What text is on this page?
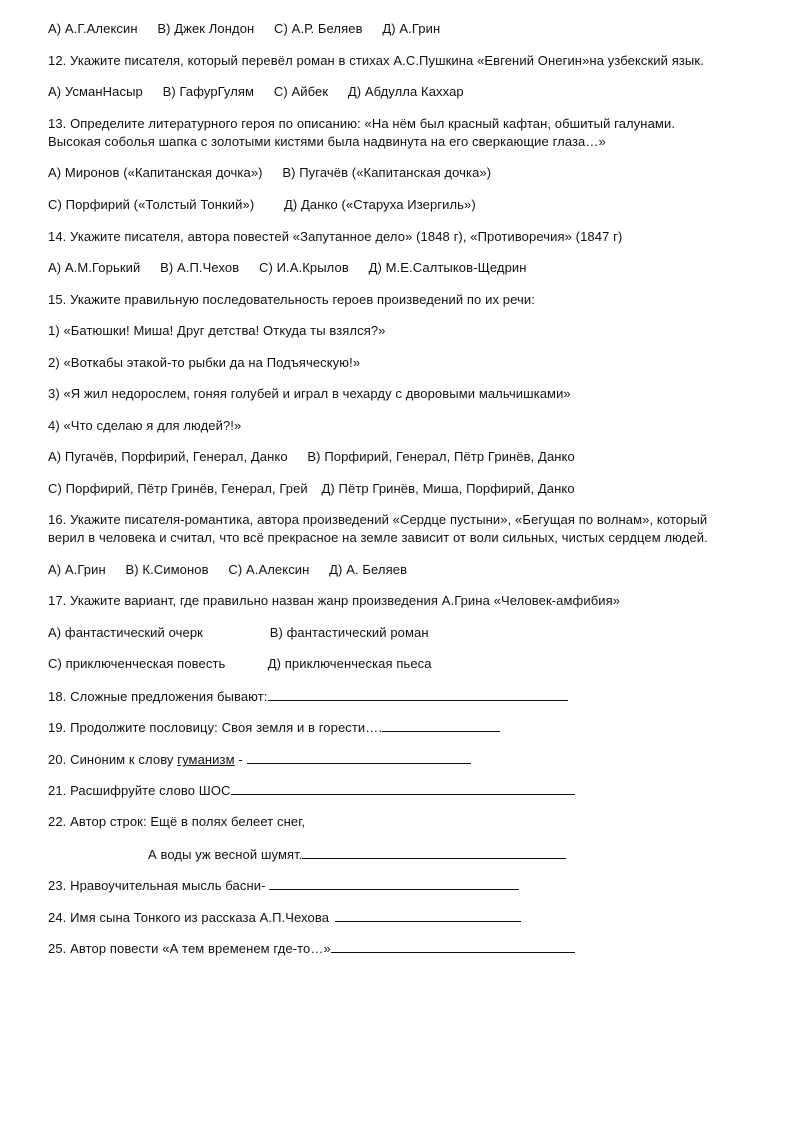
А) А.Г.Алексин В) Джек Лондон С) А.Р. Беляев Д) А.Грин
12. Укажите писателя, который перевёл роман в стихах А.С.Пушкина «Евгений Онегин»на узбекский язык.
А) УсманНасыр В) ГафурГулям С) Айбек Д) Абдулла Каххар
13. Определите литературного героя по описанию: «На нём был красный кафтан, обшитый галунами.
Высокая соболья шапка с золотыми кистями была надвинута на его сверкающие глаза…»
А) Миронов («Капитанская дочка») В) Пугачёв («Капитанская дочка»)
С) Порфирий («Толстый Тонкий») Д) Данко («Старуха Изергиль»)
14. Укажите писателя, автора повестей «Запутанное дело» (1848 г), «Противоречия» (1847 г)
А) А.М.Горький В) А.П.Чехов С) И.А.Крылов Д) М.Е.Салтыков-Щедрин
15. Укажите правильную последовательность героев произведений по их речи:
1) «Батюшки! Миша! Друг детства! Откуда ты взялся?»
2) «Воткабы этакой-то рыбки да на Подъяческую!»
3) «Я жил недорослем, гоняя голубей и играл в чехарду с дворовыми мальчишками»
4) «Что сделаю я для людей?!»
А) Пугачёв, Порфирий, Генерал, Данко В) Порфирий, Генерал, Пётр Гринёв, Данко
С) Порфирий, Пётр Гринёв, Генерал, Грей Д) Пётр Гринёв, Миша, Порфирий, Данко
16. Укажите писателя-романтика, автора произведений «Сердце пустыни», «Бегущая по волнам», который
верил в человека и считал, что всё прекрасное на земле зависит от воли сильных, чистых сердцем людей.
А) А.Грин В) К.Симонов С) А.Алексин Д) А. Беляев
17. Укажите вариант, где правильно назван жанр произведения А.Грина «Человек-амфибия»
А) фантастический очерк	В) фантастический роман
С) приключенческая повесть	Д) приключенческая пьеса
18. Сложные предложения бывают:
19. Продолжите пословицу: Своя земля и в горести….
20. Синоним к слову гуманизм -
21. Расшифруйте слово ШОС
22. Автор строк: Ещё в полях белеет снег,
А воды уж весной шумят.
23. Нравоучительная мысль басни-
24. Имя сына Тонкого из рассказа А.П.Чехова
25. Автор повести «А тем временем где-то…»
